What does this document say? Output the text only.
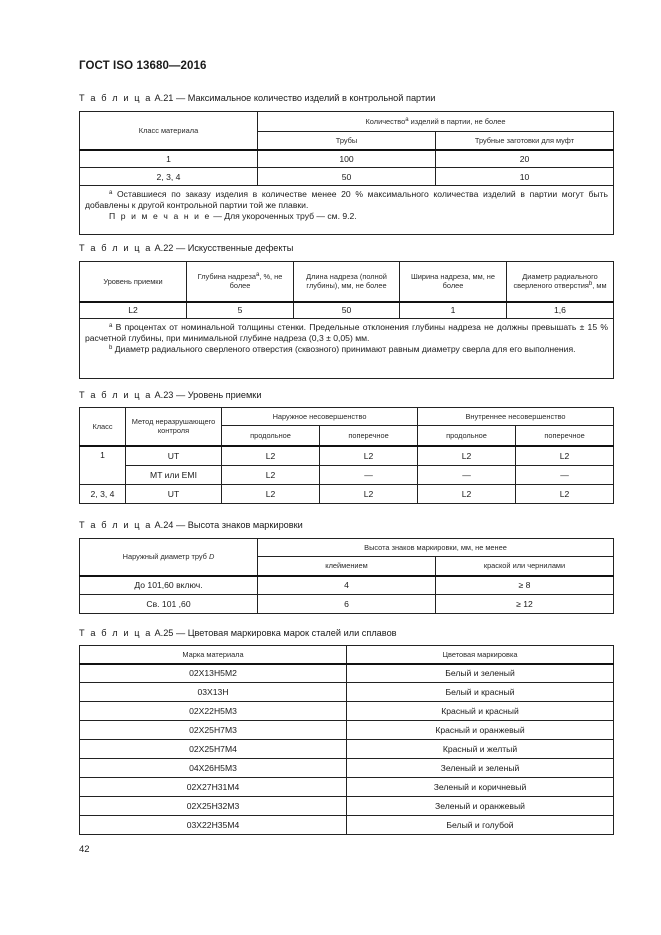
ГОСТ ISO 13680—2016
Т а б л и ц а А.21 — Максимальное количество изделий в контрольной партии
Класс материала	Количество$^а$ изделий в партии, не более	
	Трубы	Трубные заготовки для муфт
1	100	20
2, 3, 4	50	10

$^а$ Оставшиеся по заказу изделия в количестве менее 20 % максимального количества изделий в партии могут быть добавлены к другой контрольной партии той же плавки.
П р и м е ч а н и е — Для укороченных труб — см. 9.2.		
Т а б л и ц а А.22 — Искусственные дефекты
Уровень приемки	Глубина надреза$^а$, %, не более	Длина надреза (полной глубины), мм, не более	Ширина надреза, мм, не более	Диаметр радиального сверленого отверстия$^b$, мм
L2	5	50	1	1,6

$^а$ В процентах от номинальной толщины стенки. Предельные отклонения глубины надреза не должны превышать ± 15 % расчетной глубины, при минимальной глубине надреза (0,3 ± 0,05) мм.
$^b$ Диаметр радиального сверленого отверстия (сквозного) принимают равным диаметру сверла для его выполнения.				
Т а б л и ц а А.23 — Уровень приемки
Класс	Метод неразрушающего контроля	Наружное несовершенство		Внутреннее несовершенство	
		продольное	поперечное	продольное	поперечное
1	UT	L2	L2	L2	L2
	MT или EMI	L2	—	—	—
2, 3, 4	UT	L2	L2	L2	L2
Т а б л и ц а А.24 — Высота знаков маркировки
Наружный диаметр труб D	Высота знаков маркировки, мм, не менее	
	клеймением	краской или чернилами
До 101,60 включ.	4	≥ 8
Св. 101 ,60	6	≥ 12
Т а б л и ц а А.25 — Цветовая маркировка марок сталей или сплавов
Марка материала	Цветовая маркировка
02Х13Н5М2	Белый и зеленый
03Х13Н	Белый и красный
02Х22Н5М3	Красный и красный
02Х25Н7М3	Красный и оранжевый
02Х25Н7М4	Красный и желтый
04Х26Н5М3	Зеленый и зеленый
02Х27Н31М4	Зеленый и коричневый
02Х25Н32М3	Зеленый и оранжевый
03Х22Н35М4	Белый и голубой
42
